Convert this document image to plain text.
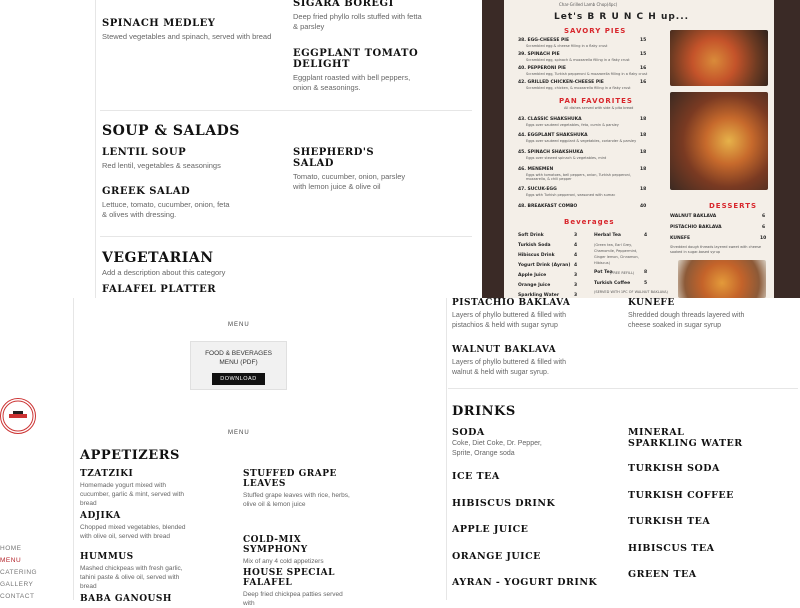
SPINACH MEDLEY
Stewed vegetables and spinach, served with bread
SIGARA BOREGI
Deep fried phyllo rolls stuffed with fetta & parsley
EGGPLANT TOMATO DELIGHT
Eggplant roasted with bell peppers, onion & seasonings.
SOUP & SALADS
LENTIL SOUP
Red lentil, vegetables & seasonings
SHEPHERD'S SALAD
Tomato, cucumber, onion, parsley with lemon juice & olive oil
GREEK SALAD
Lettuce, tomato, cucumber, onion, feta & olives with dressing.
VEGETARIAN
Add a description about this category
FALAFEL PLATTER
Char-Grilled Lamb Chop(4pc)
Let's B R U N C H up...
SAVORY PIES
38. EGG-CHEESE PIE	15
Scrambled egg & cheese filling in a flaky crust
39. SPINACH PIE	15
Scrambled egg, spinach & mozzarella filling in a flaky crust
40. PEPPERONI PIE	16
Scrambled egg, Turkish pepperoni & mozzarella filling in a flaky crust
42. GRILLED CHICKEN-CHEESE PIE	16
Scrambled egg, chicken, & mozzarella filling in a flaky crust
PAN FAVORITES
All dishes served with side & pita bread
43. CLASSIC SHAKSHUKA	18
Eggs over sauteed vegetables, feta, cumin & parsley
44. EGGPLANT SHAKSHUKA	18
Eggs over sauteed eggplant & vegetables, coriander & parsley
45. SPINACH SHAKSHUKA	18
Eggs over stewed spinach & vegetables, mint
46. MENEMEN	18
Eggs with tomatoes, bell peppers, onion, Turkish pepperoni, mozzarella, & chili pepper
47. SUCUK-EGG	18
Eggs with Turkish pepperoni, seasoned with sumac
48. BREAKFAST COMBO	40
Beverages
Soft Drink	3
Turkish Soda	4
Hibiscus Drink	4
Yogurt Drink (Ayran) 4
Apple Juice	3
Orange Juice	3
Sparkling Water	3
Herbal Tea	4
(Green tea, Earl Grey, Chamomile, Peppermint, Ginger lemon, Cinnamon, Hibiscus)
Pot Tea
(FREE REFILL) 8
Turkish Coffee	5
(SERVED WITH 1PC OF WALNUT BAKLAVA)
DESSERTS
WALNUT BAKLAVA	6
PISTACHIO BAKLAVA	6
KUNEFE	10
Shredded dough threads layered sweet with cheese soaked in sugar-based syrup
MENU
FOOD & BEVERAGES
MENU (PDF)
DOWNLOAD
HOME
MENU
CATERING
GALLERY
CONTACT
MENU
APPETIZERS
TZATZIKI
Homemade yogurt mixed with cucumber, garlic & mint, served with bread
STUFFED GRAPE LEAVES
Stuffed grape leaves with rice, herbs, olive oil & lemon juice
ADJIKA
Chopped mixed vegetables, blended with olive oil, served with bread	COLD-MIX SYMPHONY
Mix of any 4 cold appetizers
HUMMUS
Mashed chickpeas with fresh garlic, tahini paste & olive oil, served with bread
HOUSE SPECIAL FALAFEL
Deep fried chickpea patties served with
BABA GANOUSH
PISTACHIO BAKLAVA
Layers of phyllo buttered & filled with pistachios & held with sugar syrup
KUNEFE
Shredded dough threads layered with cheese soaked in sugar syrup
WALNUT BAKLAVA
Layers of phyllo buttered & filled with walnut & held with sugar syrup.
DRINKS
SODA
Coke, Diet Coke, Dr. Pepper, Sprite, Orange soda
ICE TEA
HIBISCUS DRINK
APPLE JUICE
ORANGE JUICE
AYRAN - YOGURT DRINK
MINERAL SPARKLING WATER
TURKISH SODA
TURKISH COFFEE
TURKISH TEA
HIBISCUS TEA
GREEN TEA
